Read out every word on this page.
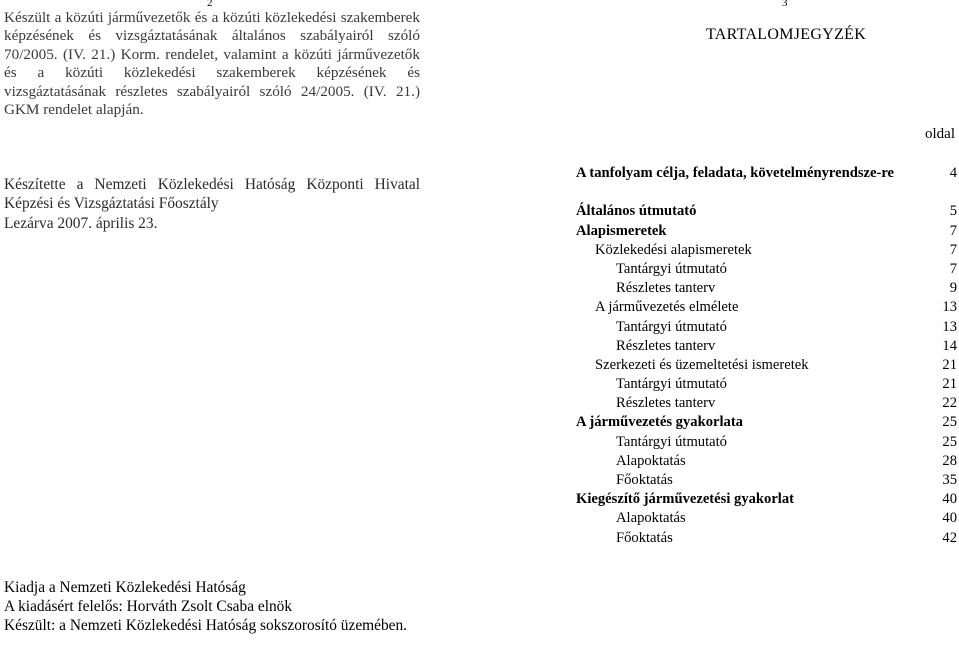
2	3

Készült a közúti járművezetők és a közúti közlekedési szakemberek képzésének és vizsgáztatásának általános szabályairól szóló 70/2005. (IV. 21.) Korm. rendelet, valamint a közúti járművezetők és a közúti közlekedési szakemberek képzésének és vizsgáztatásának részletes szabályairól szóló 24/2005. (IV. 21.) GKM rendelet alapján.

Készítette a Nemzeti Közlekedési Hatóság Központi Hivatal Képzési és Vizsgáztatási Főosztály

Lezárva 2007. április 23.

Kiadja a Nemzeti Közlekedési Hatóság

A kiadásért felelős: Horváth Zsolt Csaba elnök

Készült: a Nemzeti Közlekedési Hatóság sokszorosító üzemében.

TARTALOMJEGYZÉK
oldal
A tanfolyam célja, feladata, követelményrendsze-re	4
Általános útmutató	5
Alapismeretek	7
Közlekedési alapismeretek	7
Tantárgyi útmutató	7
Részletes tanterv	9
A járművezetés elmélete	13
Tantárgyi útmutató	13
Részletes tanterv	14
Szerkezeti és üzemeltetési ismeretek	21
Tantárgyi útmutató	21
Részletes tanterv	22
A járművezetés gyakorlata	25
Tantárgyi útmutató	25
Alapoktatás	28
Főoktatás	35
Kiegészítő járművezetési gyakorlat	40
Alapoktatás	40
Főoktatás	42
